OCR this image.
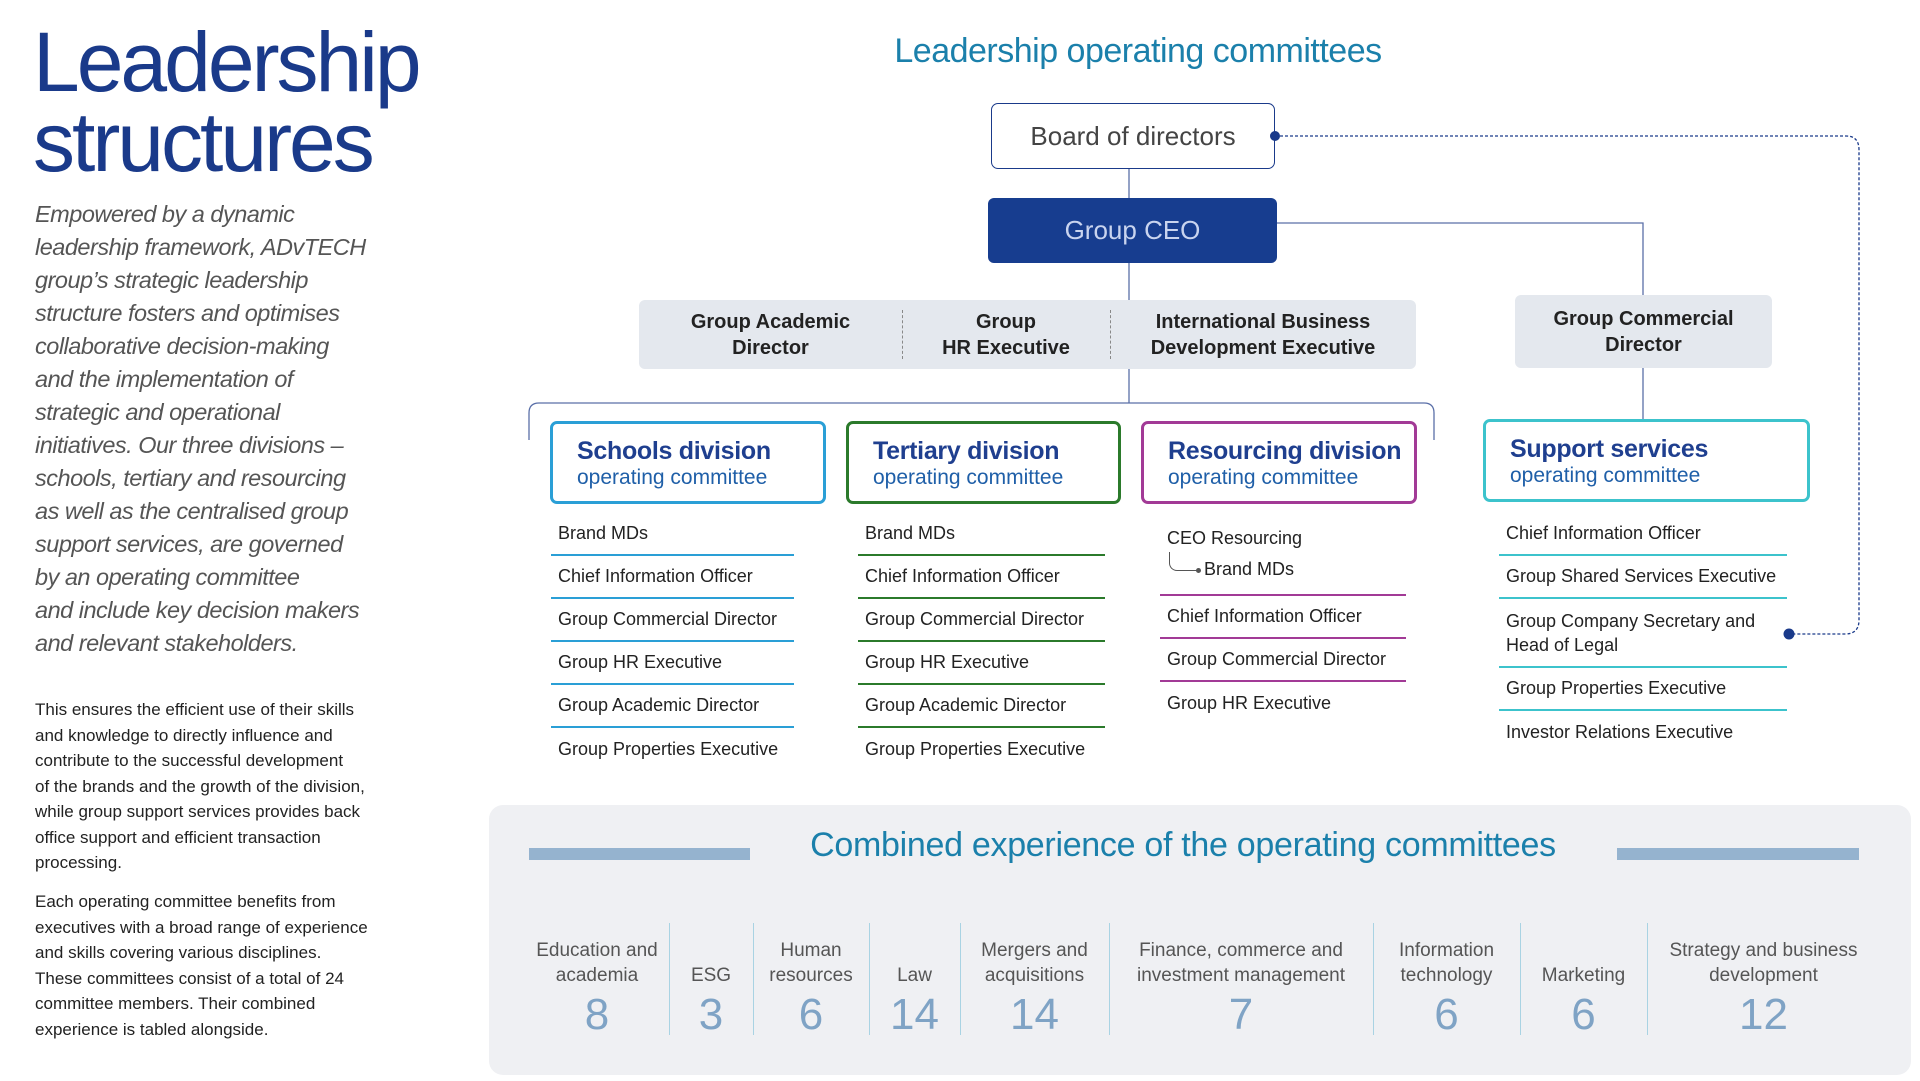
Leadership
structures
Empowered by a dynamic
leadership framework, ADvTECH
group’s strategic leadership
structure fosters and optimises
collaborative decision-making
and the implementation of
strategic and operational
initiatives. Our three divisions –
schools, tertiary and resourcing
as well as the centralised group
support services, are governed
by an operating committee
and include key decision makers
and relevant stakeholders.
This ensures the efficient use of their skills
and knowledge to directly influence and
contribute to the successful development
of the brands and the growth of the division,
while group support services provides back
office support and efficient transaction
processing.
Each operating committee benefits from
executives with a broad range of experience
and skills covering various disciplines.
These committees consist of a total of 24
committee members. Their combined
experience is tabled alongside.
Leadership operating committees
Board of directors
Group CEO
Group Academic
Director
Group
HR Executive
International Business
Development Executive
Group Commercial
Director
Schools division
operating committee
Brand MDs
Chief Information Officer
Group Commercial Director
Group HR Executive
Group Academic Director
Group Properties Executive
Tertiary division
operating committee
Brand MDs
Chief Information Officer
Group Commercial Director
Group HR Executive
Group Academic Director
Group Properties Executive
Resourcing division
operating committee
CEO Resourcing
Brand MDs
Chief Information Officer
Group Commercial Director
Group HR Executive
Support services
operating committee
Chief Information Officer
Group Shared Services Executive
Group Company Secretary and Head of Legal
Group Properties Executive
Investor Relations Executive
Combined experience of the operating committees
Education and
academia
8
ESG
3
Human
resources
6
Law
14
Mergers and
acquisitions
14
Finance, commerce and
investment management
7
Information
technology
6
Marketing
6
Strategy and business
development
12
